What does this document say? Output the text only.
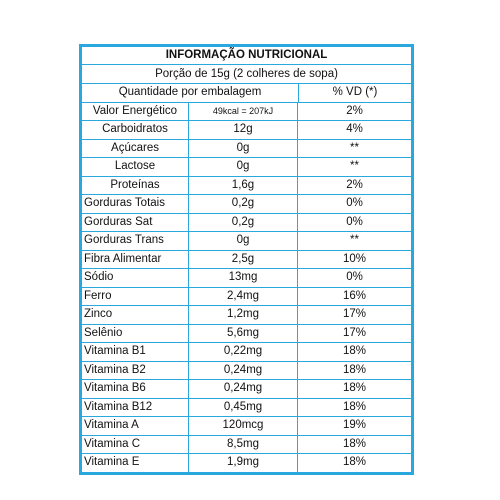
INFORMAÇÃO NUTRICIONAL
Porção de 15g (2 colheres de sopa)
Quantidade por embalagem	% VD (*)
Valor Energético	49kcal = 207kJ	2%
Carboidratos	12g	4%
Açúcares	0g	**
Lactose	0g	**
Proteínas	1,6g	2%
Gorduras Totais	0,2g	0%
Gorduras Sat	0,2g	0%
Gorduras Trans	0g	**
Fibra Alimentar	2,5g	10%
Sódio	13mg	0%
Ferro	2,4mg	16%
Zinco	1,2mg	17%
Selênio	5,6mg	17%
Vitamina B1	0,22mg	18%
Vitamina B2	0,24mg	18%
Vitamina B6	0,24mg	18%
Vitamina B12	0,45mg	18%
Vitamina A	120mcg	19%
Vitamina C	8,5mg	18%
Vitamina E	1,9mg	18%
